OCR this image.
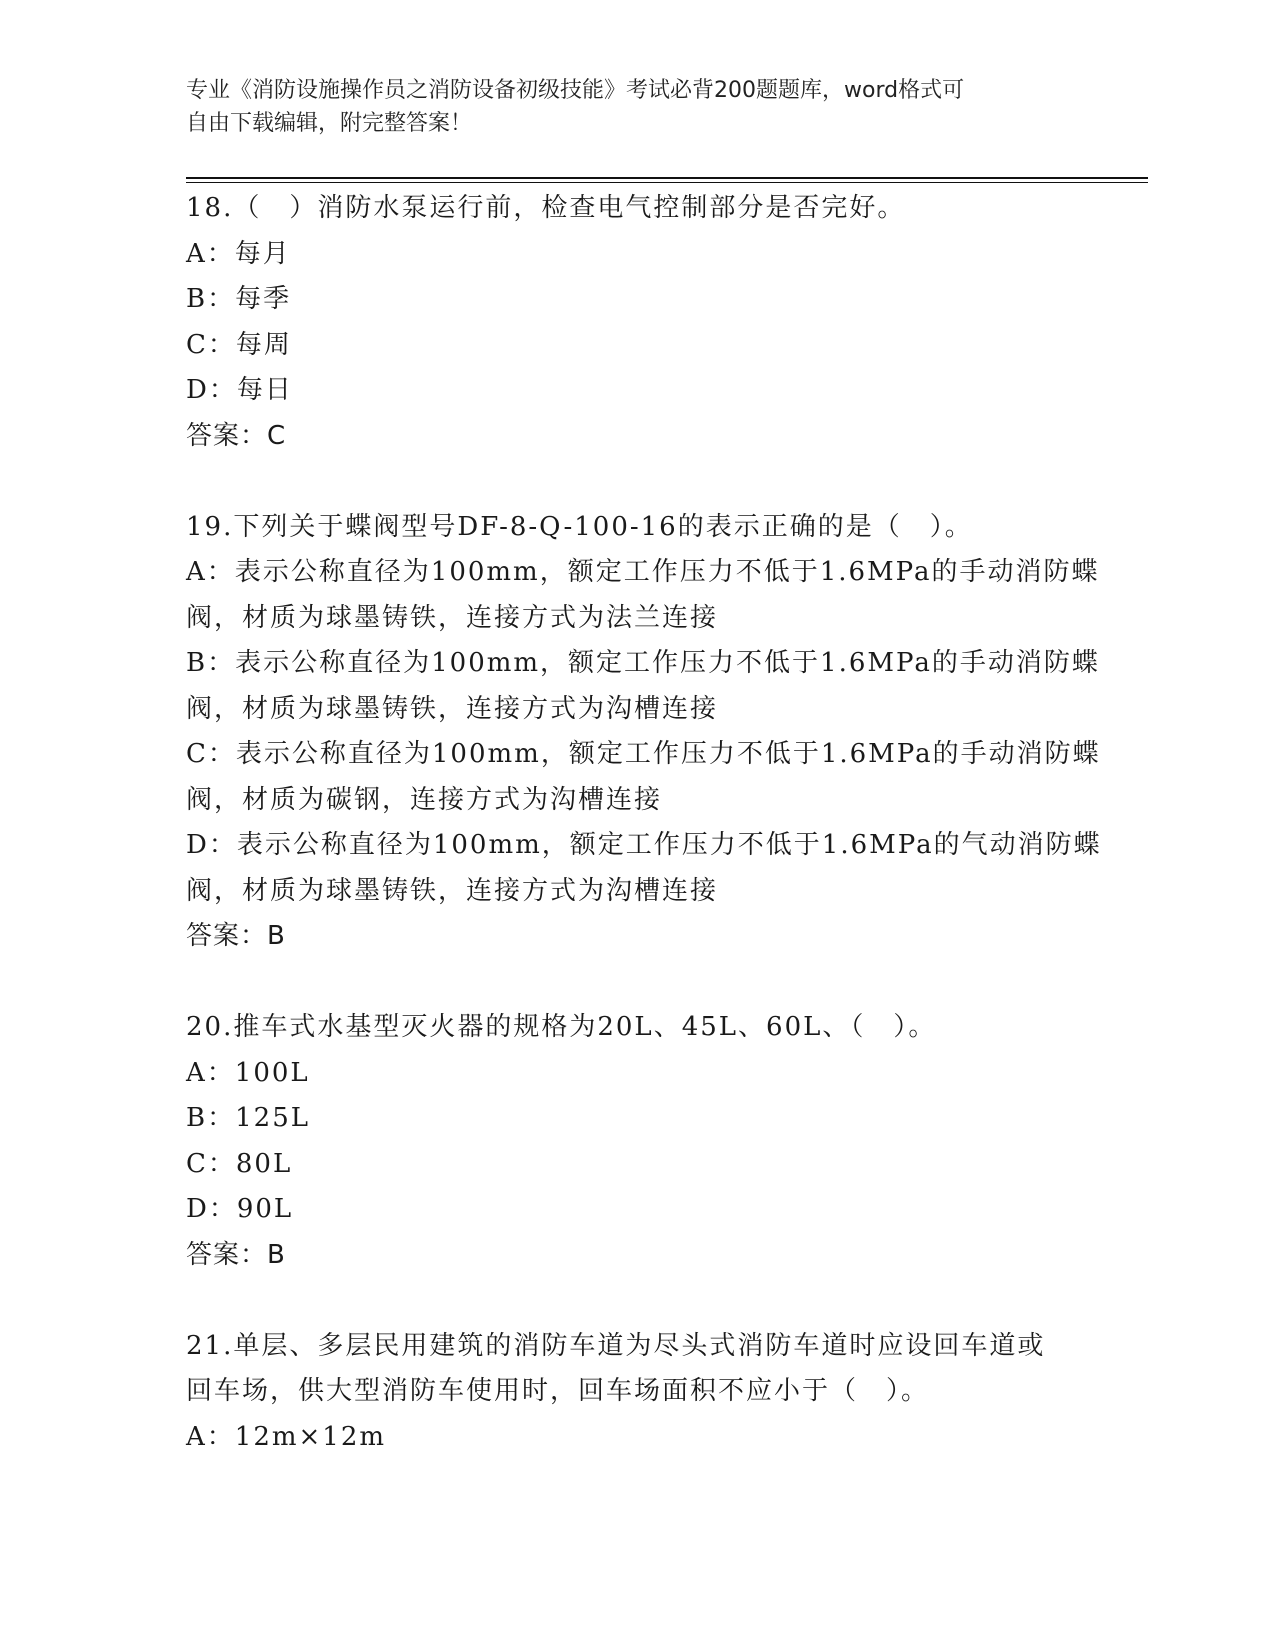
专业《消防设施操作员之消防设备初级技能》考试必背200题题库，word格式可
自由下载编辑，附完整答案！
18.（　）消防水泵运行前，检查电气控制部分是否完好。
A：每月
B：每季
C：每周
D：每日
答案：C
19.下列关于蝶阀型号DF-8-Q-100-16的表示正确的是（　）。
A：表示公称直径为100mm，额定工作压力不低于1.6MPa的手动消防蝶
阀，材质为球墨铸铁，连接方式为法兰连接
B：表示公称直径为100mm，额定工作压力不低于1.6MPa的手动消防蝶
阀，材质为球墨铸铁，连接方式为沟槽连接
C：表示公称直径为100mm，额定工作压力不低于1.6MPa的手动消防蝶
阀，材质为碳钢，连接方式为沟槽连接
D：表示公称直径为100mm，额定工作压力不低于1.6MPa的气动消防蝶
阀，材质为球墨铸铁，连接方式为沟槽连接
答案：B
20.推车式水基型灭火器的规格为20L、45L、60L、（　）。
A：100L
B：125L
C：80L
D：90L
答案：B
21.单层、多层民用建筑的消防车道为尽头式消防车道时应设回车道或
回车场，供大型消防车使用时，回车场面积不应小于（　）。
A：12m×12m
